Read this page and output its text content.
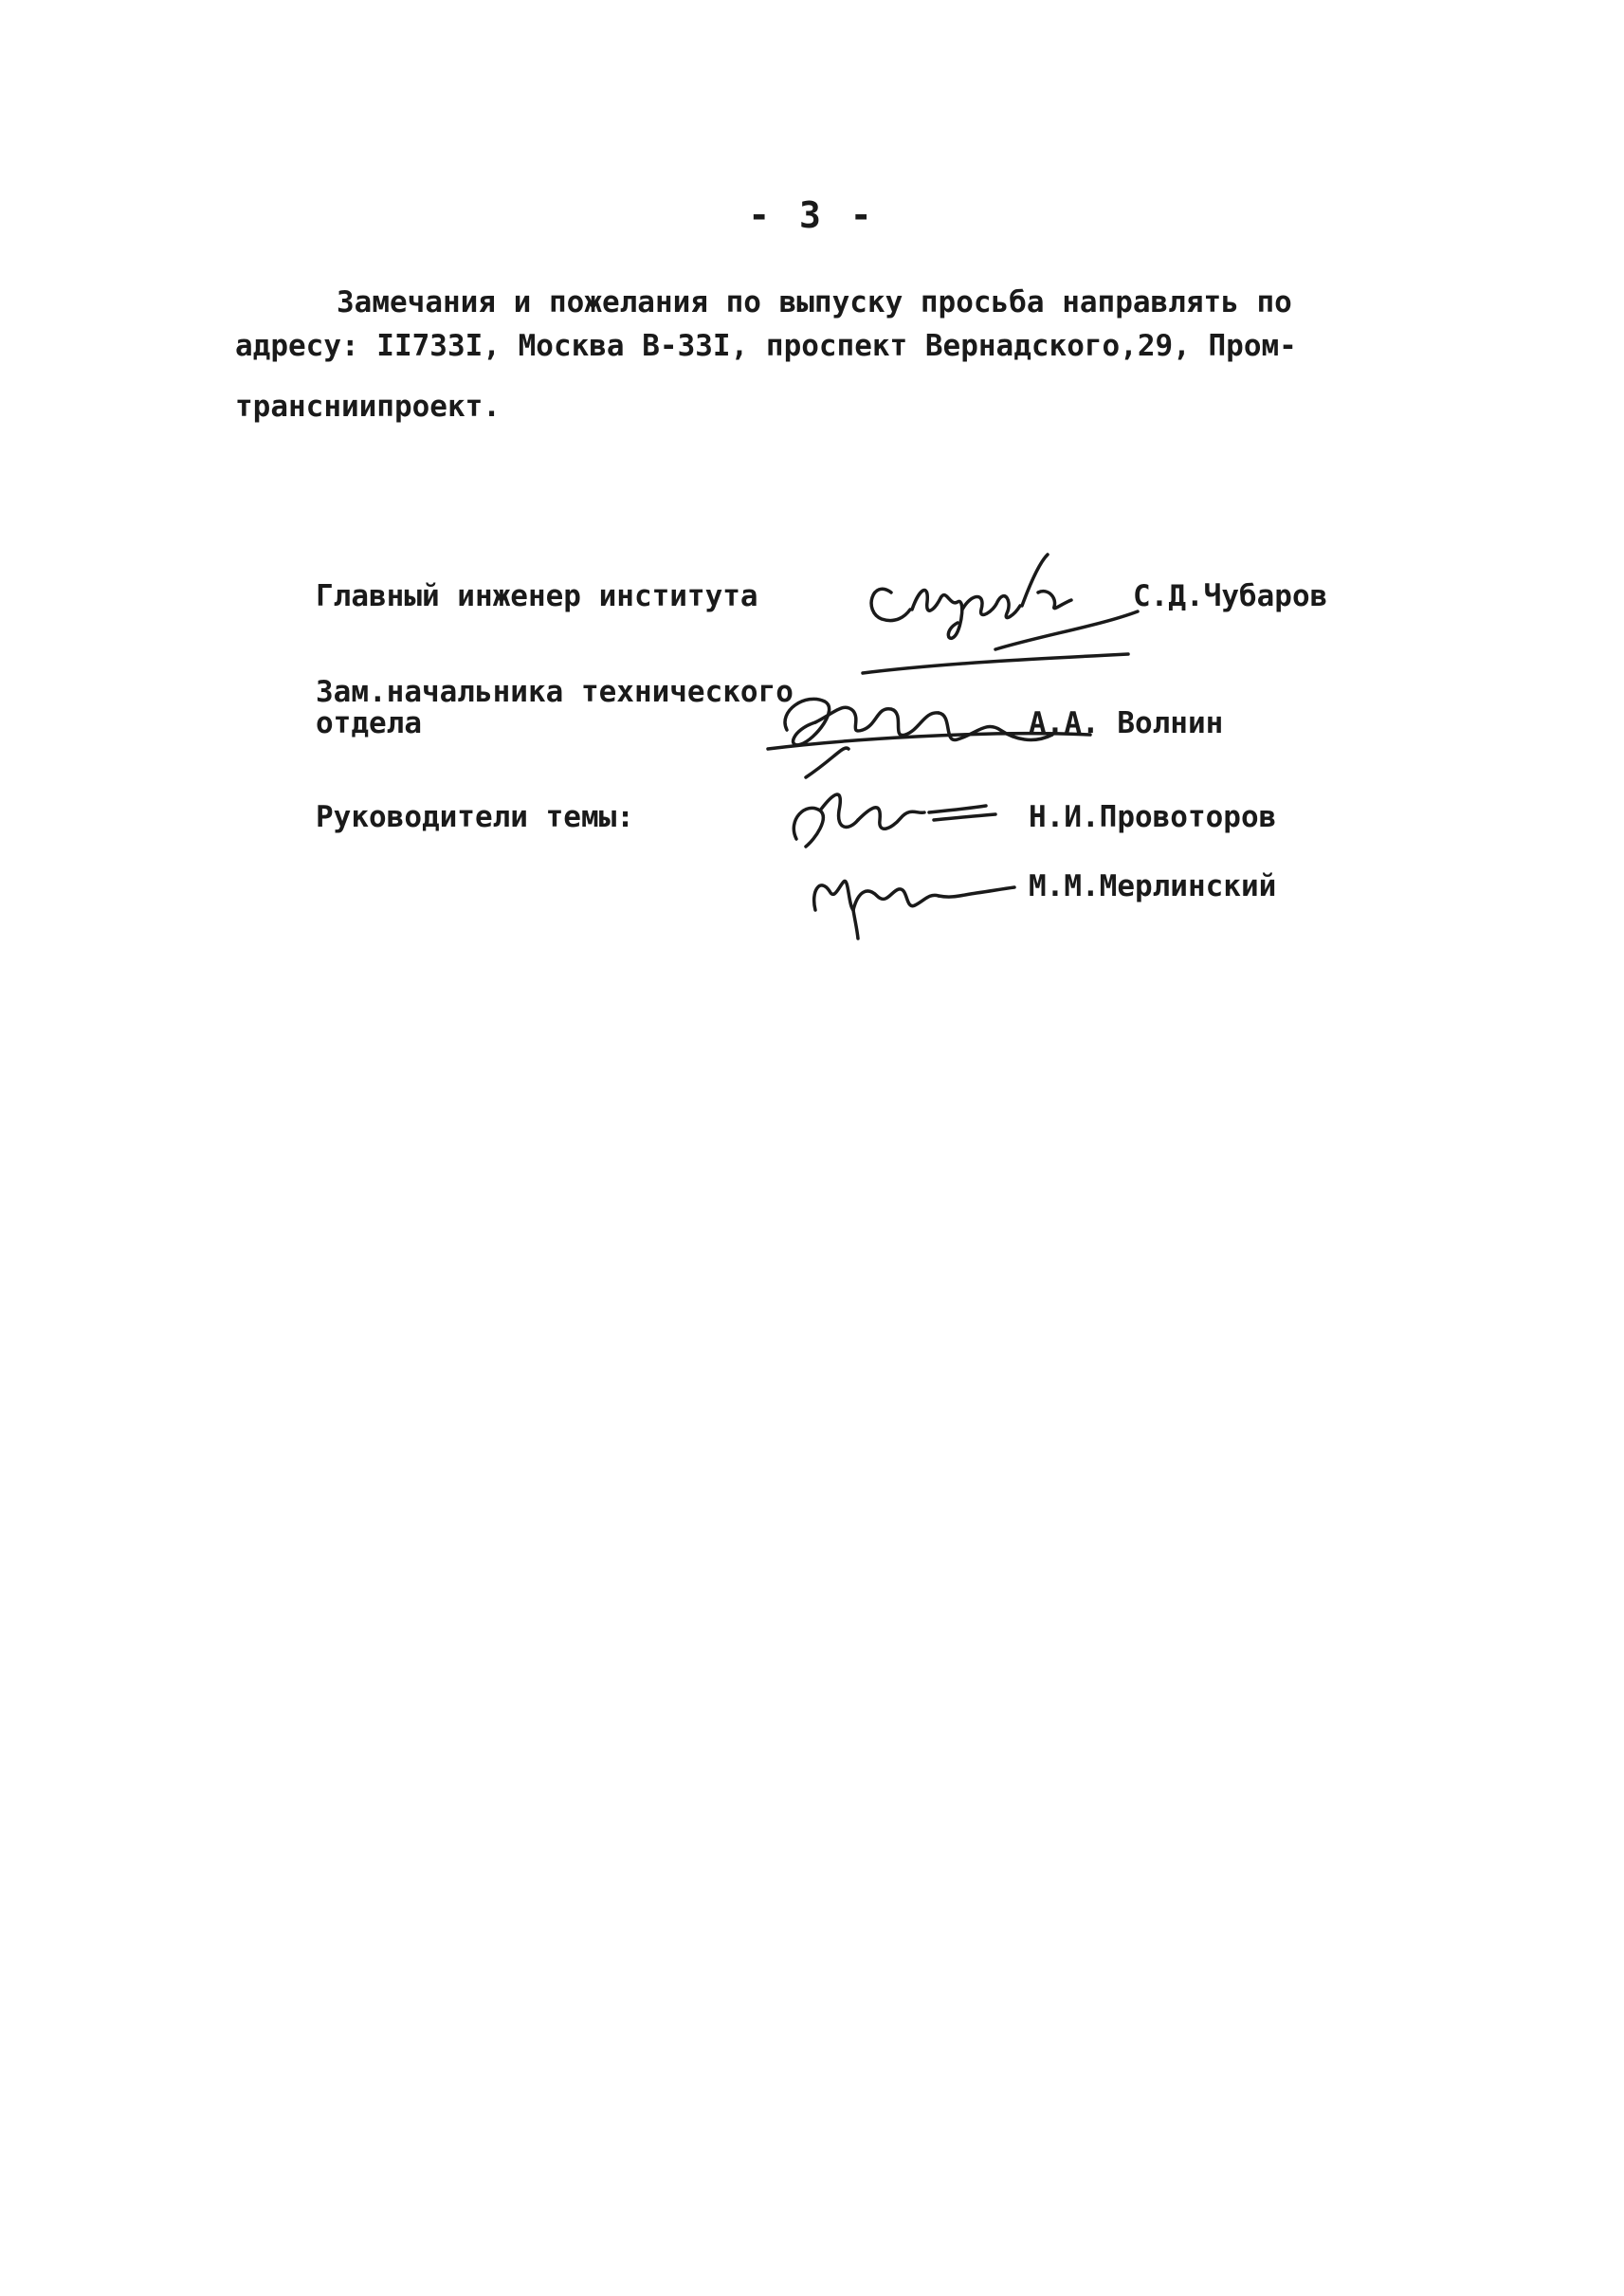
- 3 -
Замечания и пожелания по выпуску просьба направлять по
адресу: II733I, Москва В-33I, проспект Вернадского,29, Пром-
трансниипроект.
Главный инженер института	С.Д.Чубаров
Зам.начальника технического
отдела	А.А. Волнин
Руководители темы:	Н.И.Провоторов
М.М.Мерлинский
